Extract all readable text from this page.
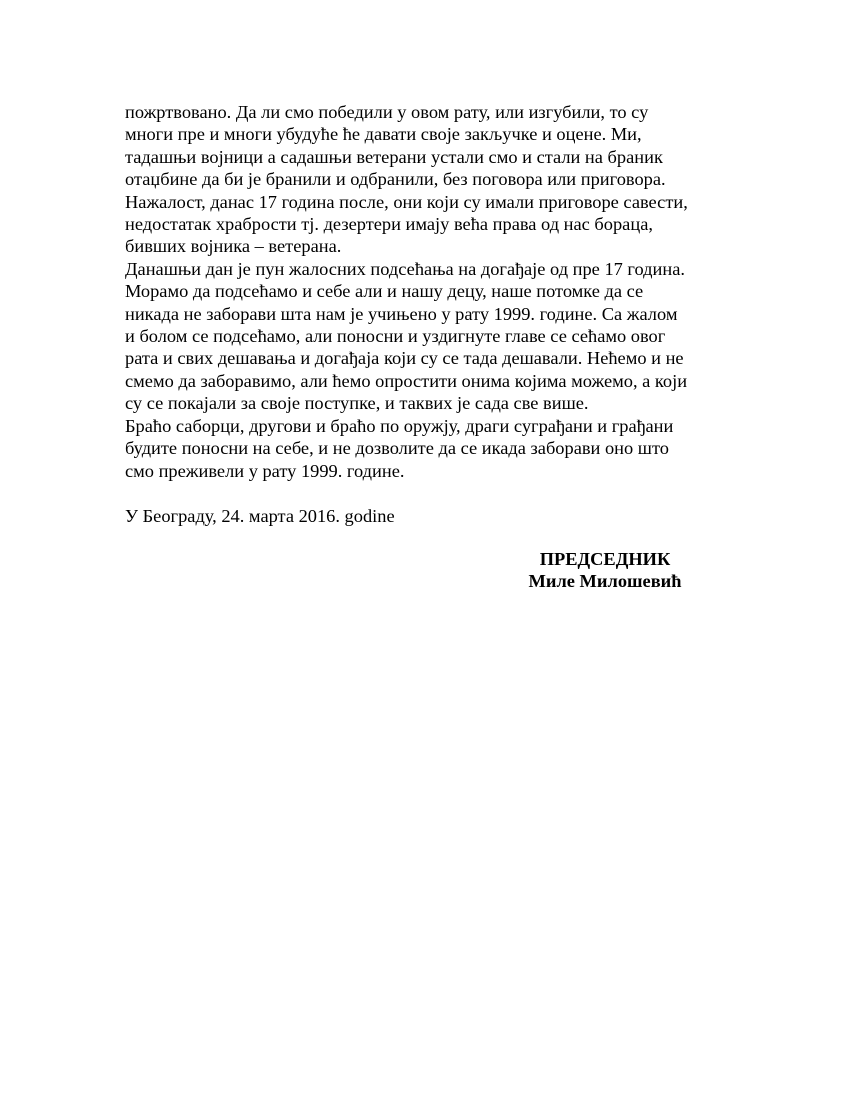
пожртвовано. Да ли смо победили у овом рату, или изгубили, то су
многи пре и многи убудуће ће давати своје закључке и оцене. Ми,
тадашњи војници а садашњи ветерани устали смо и стали на браник
отаџбине да би је бранили и одбранили, без поговора или приговора.
Нажалост, данас 17 година после, они који су имали приговоре савести,
недостатак храбрости тј. дезертери имају већа права од нас бораца,
бивших војника – ветерана.
Данашњи дан је пун жалосних подсећања на догађаје од пре 17 година.
Морамо да подсећамо и себе али и нашу децу, наше потомке да се
никада не заборави шта нам је учињено у рату 1999. године. Са жалом
и болом се подсећамо, али поносни и уздигнуте главе се сећамо овог
рата и свих дешавања и догађаја који су се тада дешавали. Нећемо и не
смемо да заборавимо, али ћемо опростити онима којима можемо, а који
су се покајали за своје поступке, и таквих је сада све више.
Браћо саборци, другови и браћо по оружју, драги суграђани и грађани
будите поносни на себе, и не дозволите да се икада заборави оно што
смо преживели у рату 1999. године.
У Београду, 24. марта 2016. godine
ПРЕДСЕДНИК
Миле Милошевић
